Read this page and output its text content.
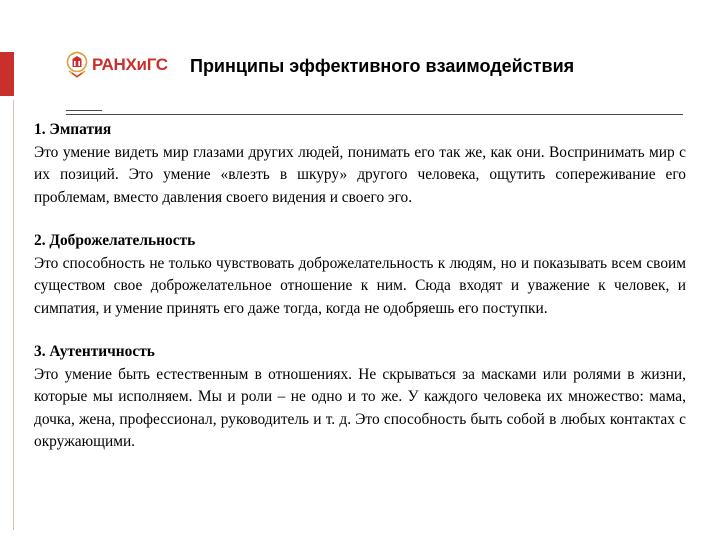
РАНХиГС Принципы эффективного взаимодействия

1. Эмпатия

Это умение видеть мир глазами других людей, понимать его так же, как они. Воспринимать мир с их позиций. Это умение «влезть в шкуру» другого человека, ощутить сопереживание его проблемам, вместо давления своего видения и своего эго.

2. Доброжелательность

Это способность не только чувствовать доброжелательность к людям, но и показывать всем своим существом свое доброжелательное отношение к ним. Сюда входят и уважение к человек, и симпатия, и умение принять его даже тогда, когда не одобряешь его поступки.

3. Аутентичность

Это умение быть естественным в отношениях. Не скрываться за масками или ролями в жизни, которые мы исполняем. Мы и роли – не одно и то же. У каждого человека их множество: мама, дочка, жена, профессионал, руководитель и т. д. Это способность быть собой в любых контактах с окружающими.
